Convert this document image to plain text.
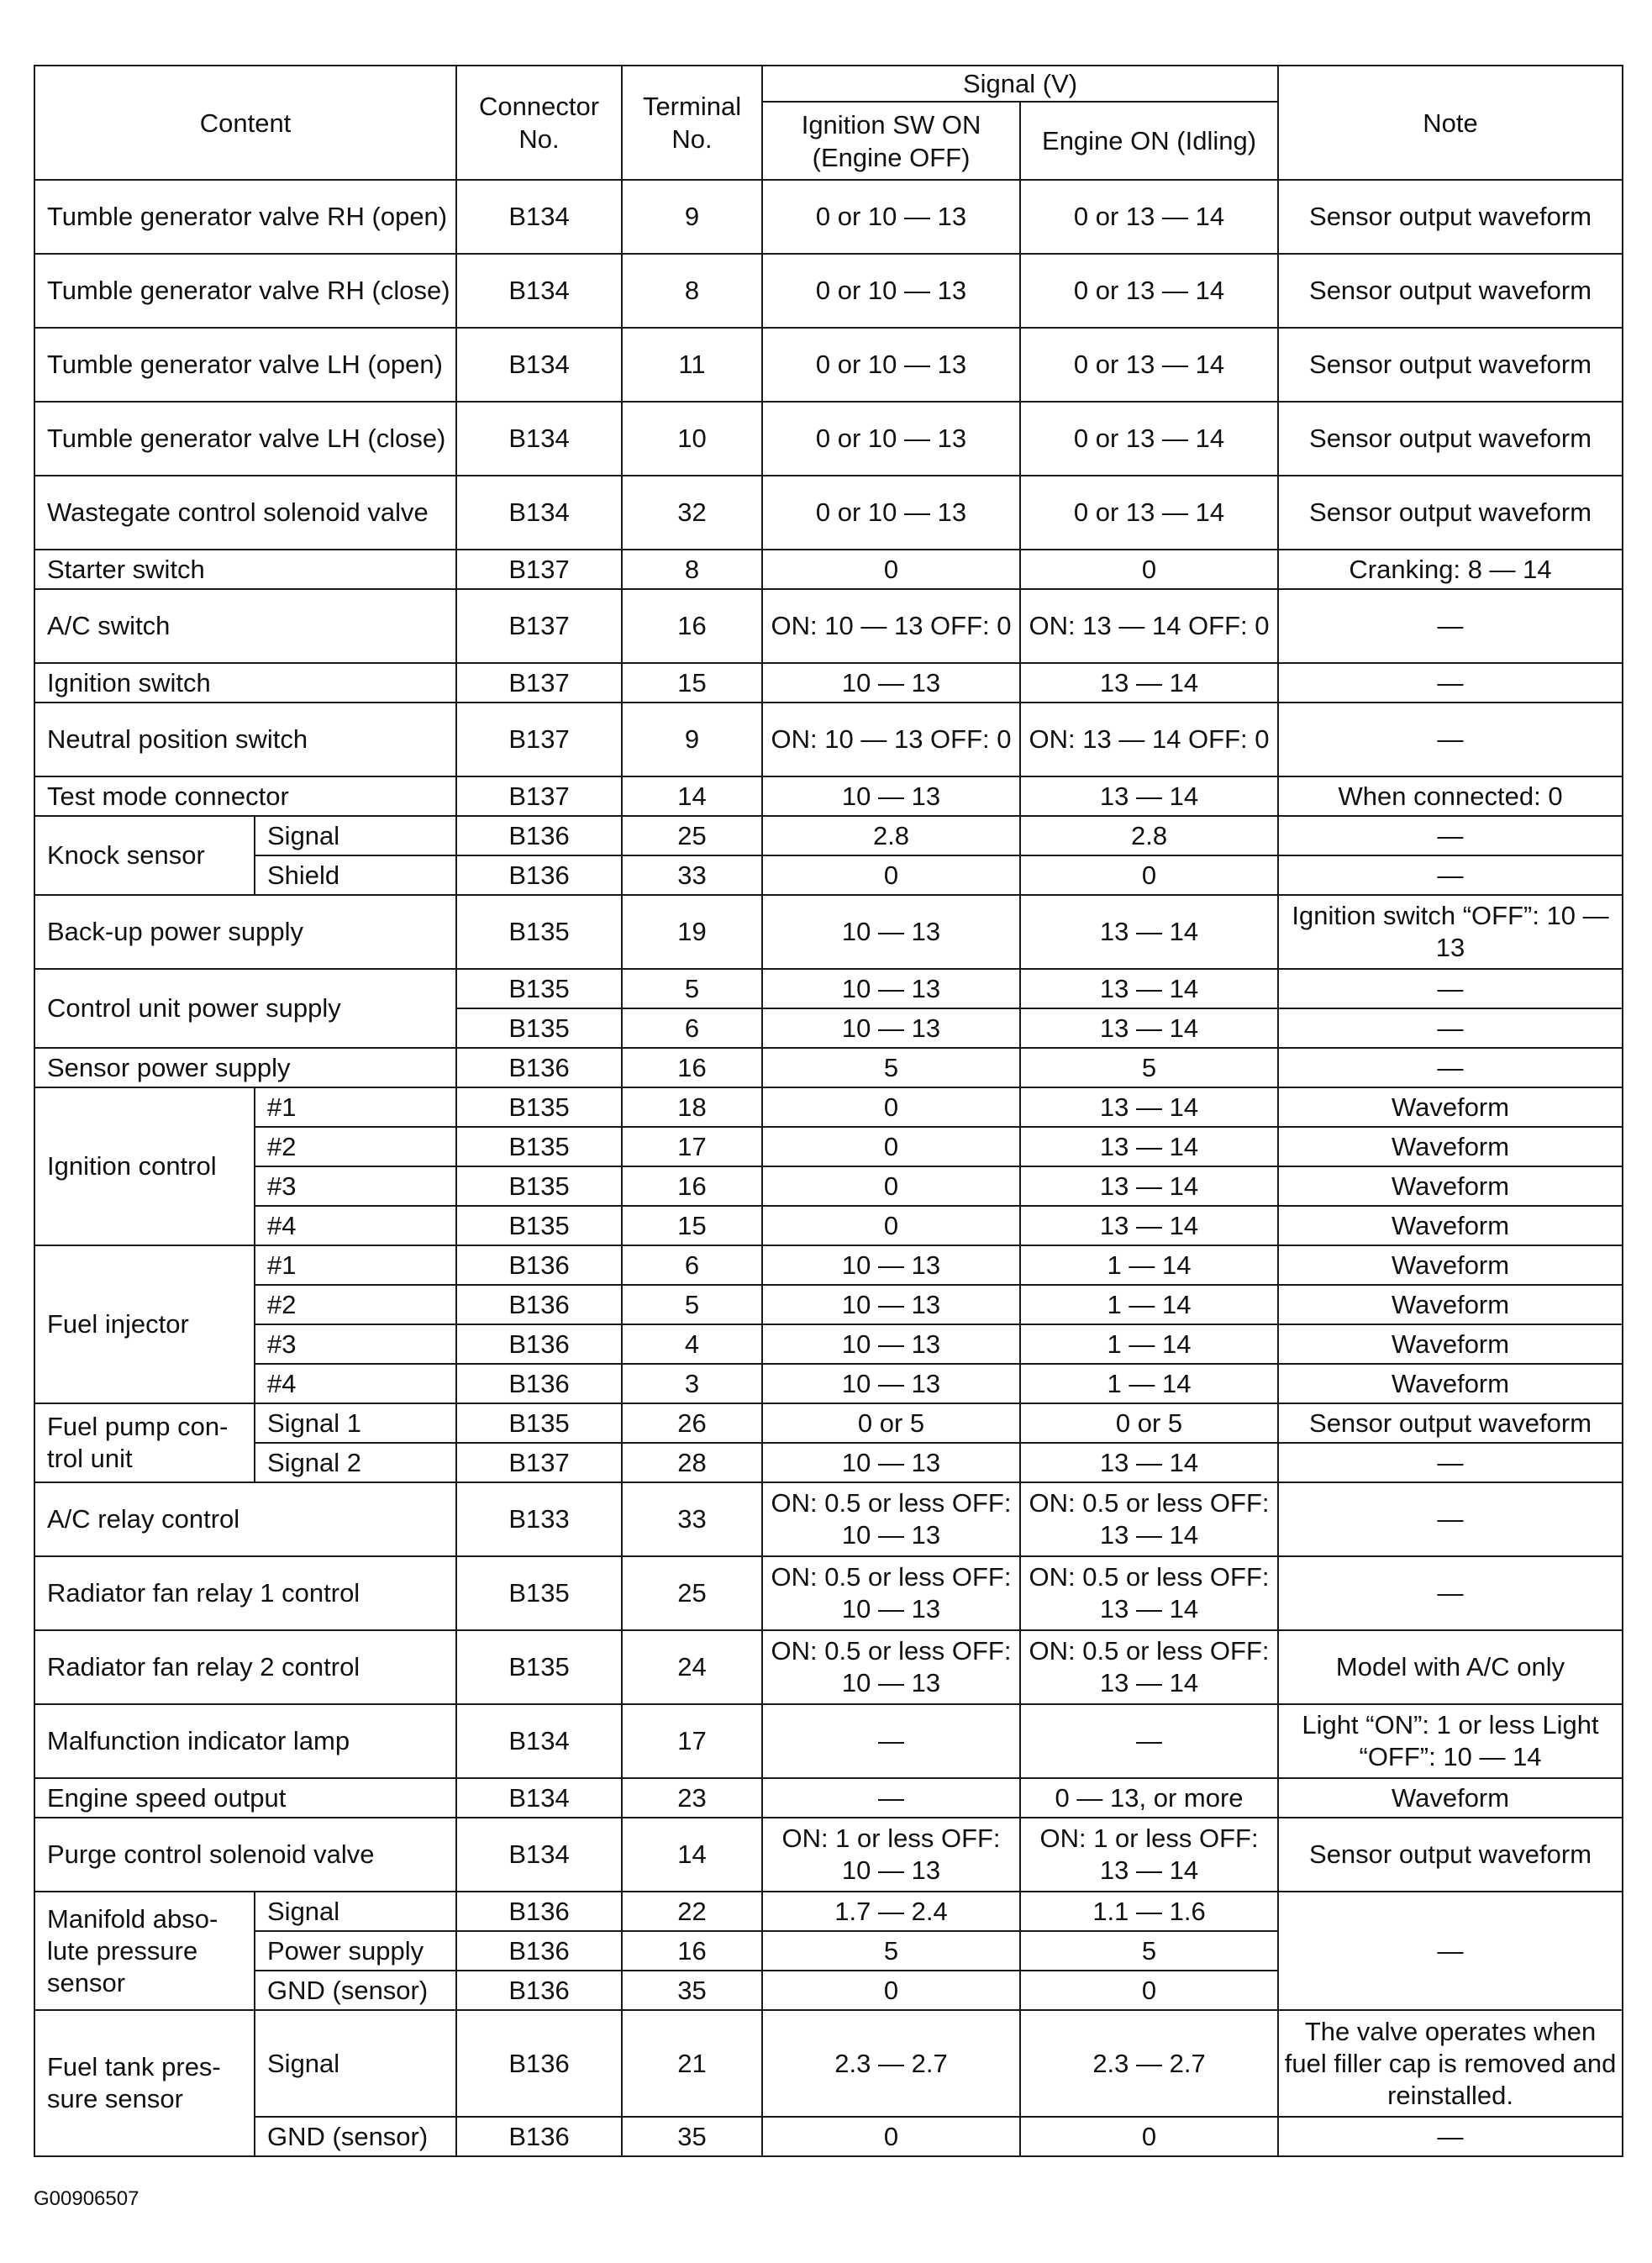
Content		Connector No.	Terminal No.	Signal (V)		Note
				Ignition SW ON (Engine OFF)	Engine ON (Idling)	
Tumble generator valve RH (open)		B134	9	0 or 10 — 13	0 or 13 — 14	Sensor output waveform
Tumble generator valve RH (close)		B134	8	0 or 10 — 13	0 or 13 — 14	Sensor output waveform
Tumble generator valve LH (open)		B134	11	0 or 10 — 13	0 or 13 — 14	Sensor output waveform
Tumble generator valve LH (close)		B134	10	0 or 10 — 13	0 or 13 — 14	Sensor output waveform
Wastegate control solenoid valve		B134	32	0 or 10 — 13	0 or 13 — 14	Sensor output waveform
Starter switch		B137	8	0	0	Cranking: 8 — 14
A/C switch		B137	16	ON: 10 — 13 OFF: 0	ON: 13 — 14 OFF: 0	—
Ignition switch		B137	15	10 — 13	13 — 14	—
Neutral position switch		B137	9	ON: 10 — 13 OFF: 0	ON: 13 — 14 OFF: 0	—
Test mode connector		B137	14	10 — 13	13 — 14	When connected: 0
Knock sensor	Signal	B136	25	2.8	2.8	—
	Shield	B136	33	0	0	—
Back-up power supply		B135	19	10 — 13	13 — 14	Ignition switch “OFF”: 10 — 13
Control unit power supply		B135	5	10 — 13	13 — 14	—
		B135	6	10 — 13	13 — 14	—
Sensor power supply		B136	16	5	5	—
Ignition control	#1	B135	18	0	13 — 14	Waveform
	#2	B135	17	0	13 — 14	Waveform
	#3	B135	16	0	13 — 14	Waveform
	#4	B135	15	0	13 — 14	Waveform
Fuel injector	#1	B136	6	10 — 13	1 — 14	Waveform
	#2	B136	5	10 — 13	1 — 14	Waveform
	#3	B136	4	10 — 13	1 — 14	Waveform
	#4	B136	3	10 — 13	1 — 14	Waveform
Fuel pump con-trol unit	Signal 1	B135	26	0 or 5	0 or 5	Sensor output waveform
	Signal 2	B137	28	10 — 13	13 — 14	—
A/C relay control		B133	33	ON: 0.5 or less OFF: 10 — 13	ON: 0.5 or less OFF: 13 — 14	—
Radiator fan relay 1 control		B135	25	ON: 0.5 or less OFF: 10 — 13	ON: 0.5 or less OFF: 13 — 14	—
Radiator fan relay 2 control		B135	24	ON: 0.5 or less OFF: 10 — 13	ON: 0.5 or less OFF: 13 — 14	Model with A/C only
Malfunction indicator lamp		B134	17	—	—	Light “ON”: 1 or less Light “OFF”: 10 — 14
Engine speed output		B134	23	—	0 — 13, or more	Waveform
Purge control solenoid valve		B134	14	ON: 1 or less OFF: 10 — 13	ON: 1 or less OFF: 13 — 14	Sensor output waveform
Manifold abso-lute pressure sensor	Signal	B136	22	1.7 — 2.4	1.1 — 1.6	—
	Power supply	B136	16	5	5	
	GND (sensor)	B136	35	0	0	
Fuel tank pres-sure sensor	Signal	B136	21	2.3 — 2.7	2.3 — 2.7	The valve operates when fuel filler cap is removed and reinstalled.
	GND (sensor)	B136	35	0	0	—
G00906507
